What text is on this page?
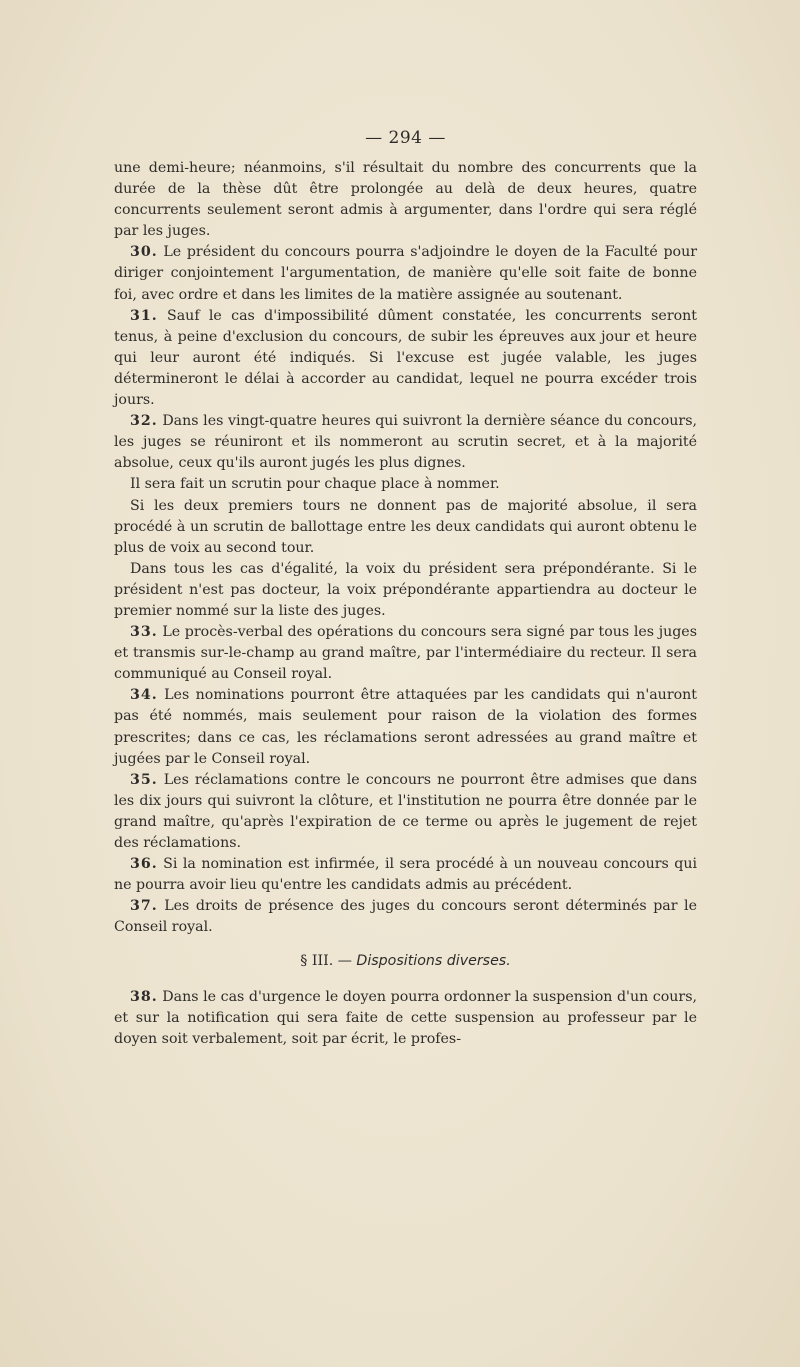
— 294 —

une demi-heure; néanmoins, s'il résultait du nombre des concurrents que la durée de la thèse dût être prolongée au delà de deux heures, quatre concurrents seulement seront admis à argumenter, dans l'ordre qui sera réglé par les juges.

30. Le président du concours pourra s'adjoindre le doyen de la Faculté pour diriger conjointement l'argumentation, de manière qu'elle soit faite de bonne foi, avec ordre et dans les limites de la matière assignée au soutenant.

31. Sauf le cas d'impossibilité dûment constatée, les concurrents seront tenus, à peine d'exclusion du concours, de subir les épreuves aux jour et heure qui leur auront été indiqués. Si l'excuse est jugée valable, les juges détermineront le délai à accorder au candidat, lequel ne pourra excéder trois jours.

32. Dans les vingt-quatre heures qui suivront la dernière séance du concours, les juges se réuniront et ils nommeront au scrutin secret, et à la majorité absolue, ceux qu'ils auront jugés les plus dignes.

Il sera fait un scrutin pour chaque place à nommer.

Si les deux premiers tours ne donnent pas de majorité absolue, il sera procédé à un scrutin de ballottage entre les deux candidats qui auront obtenu le plus de voix au second tour.

Dans tous les cas d'égalité, la voix du président sera prépondérante. Si le président n'est pas docteur, la voix prépondérante appartiendra au docteur le premier nommé sur la liste des juges.

33. Le procès-verbal des opérations du concours sera signé par tous les juges et transmis sur-le-champ au grand maître, par l'intermédiaire du recteur. Il sera communiqué au Conseil royal.

34. Les nominations pourront être attaquées par les candidats qui n'auront pas été nommés, mais seulement pour raison de la violation des formes prescrites; dans ce cas, les réclamations seront adressées au grand maître et jugées par le Conseil royal.

35. Les réclamations contre le concours ne pourront être admises que dans les dix jours qui suivront la clôture, et l'institution ne pourra être donnée par le grand maître, qu'après l'expiration de ce terme ou après le jugement de rejet des réclamations.

36. Si la nomination est infirmée, il sera procédé à un nouveau concours qui ne pourra avoir lieu qu'entre les candidats admis au précédent.

37. Les droits de présence des juges du concours seront déterminés par le Conseil royal.

§ III. — Dispositions diverses.

38. Dans le cas d'urgence le doyen pourra ordonner la suspension d'un cours, et sur la notification qui sera faite de cette suspension au professeur par le doyen soit verbalement, soit par écrit, le profes-
